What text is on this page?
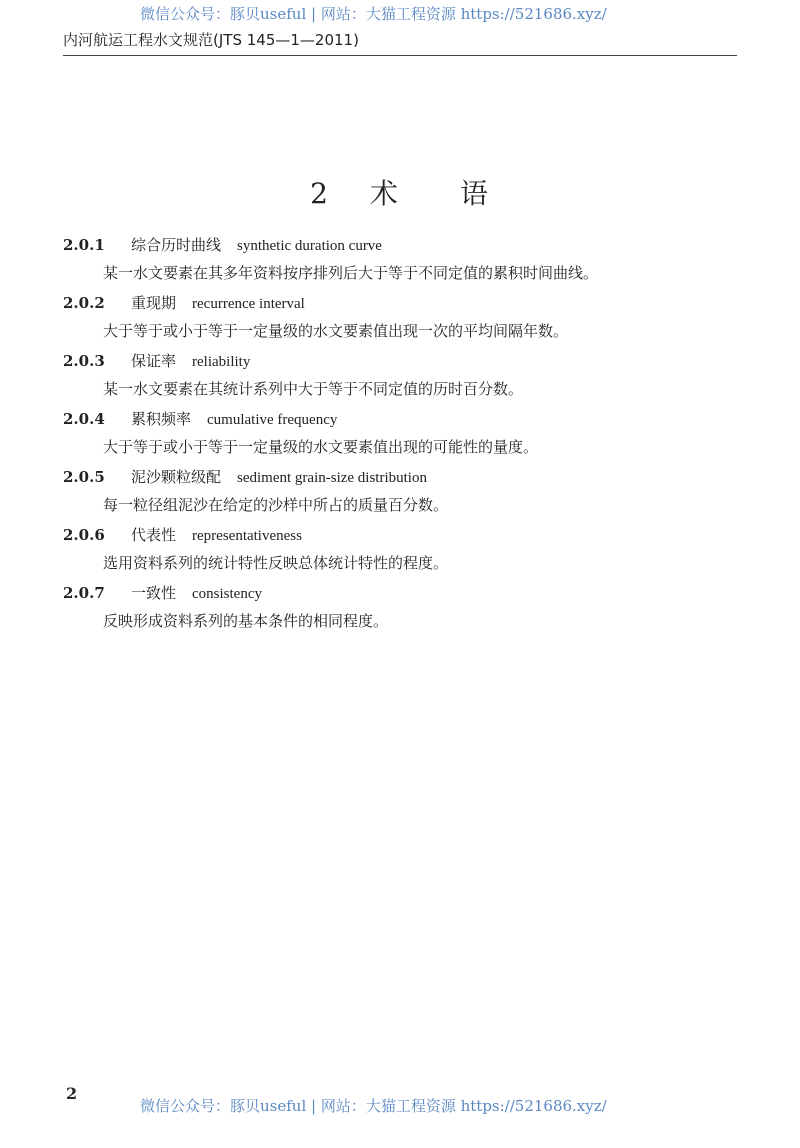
微信公众号：豚贝useful | 网站：大猫工程资源 https://521686.xyz/
内河航运工程水文规范(JTS 145—1—2011)
2 术 语
2.0.1 综合历时曲线 synthetic duration curve
某一水文要素在其多年资料按序排列后大于等于不同定值的累积时间曲线。
2.0.2 重现期 recurrence interval
大于等于或小于等于一定量级的水文要素值出现一次的平均间隔年数。
2.0.3 保证率 reliability
某一水文要素在其统计系列中大于等于不同定值的历时百分数。
2.0.4 累积频率 cumulative frequency
大于等于或小于等于一定量级的水文要素值出现的可能性的量度。
2.0.5 泥沙颗粒级配 sediment grain-size distribution
每一粒径组泥沙在给定的沙样中所占的质量百分数。
2.0.6 代表性 representativeness
选用资料系列的统计特性反映总体统计特性的程度。
2.0.7 一致性 consistency
反映形成资料系列的基本条件的相同程度。
2
微信公众号：豚贝useful | 网站：大猫工程资源 https://521686.xyz/
